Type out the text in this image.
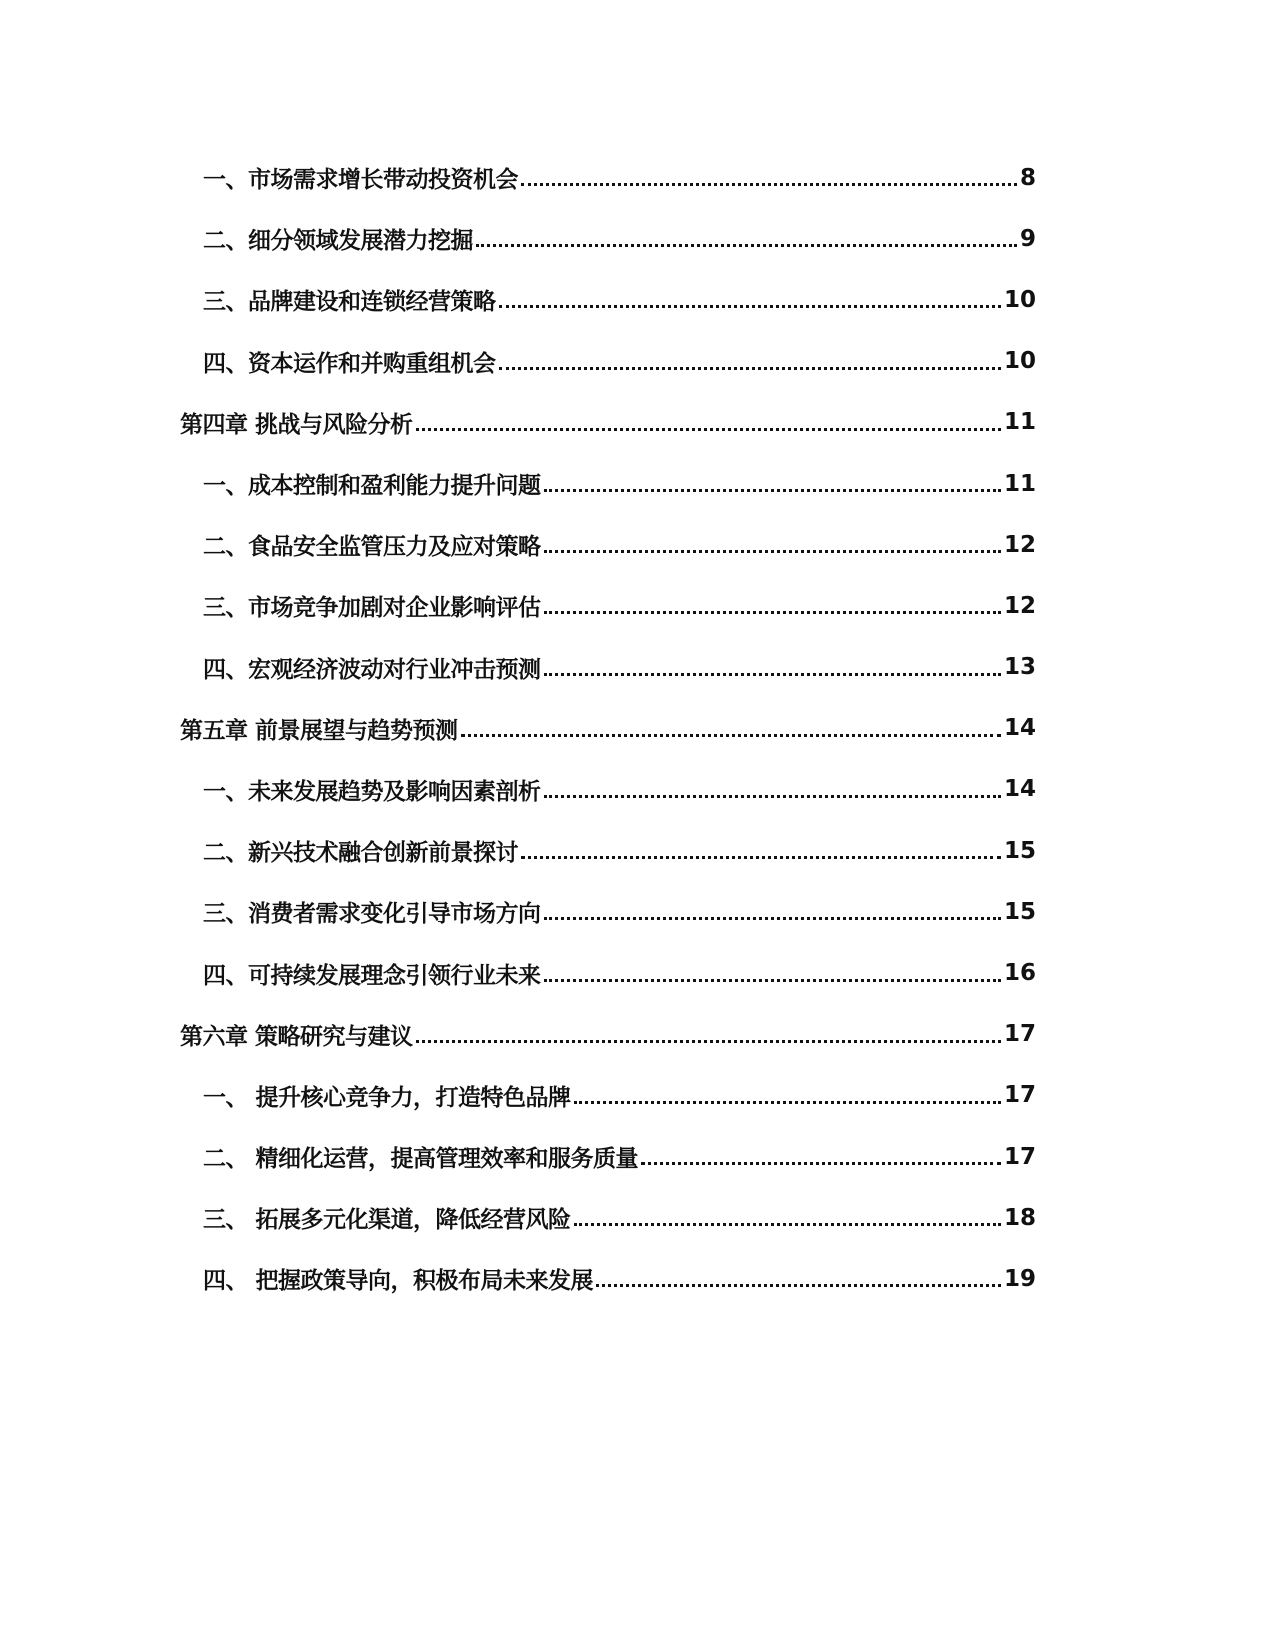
一、市场需求增长带动投资机会	8
二、细分领域发展潜力挖掘	9
三、品牌建设和连锁经营策略	10
四、资本运作和并购重组机会	10
第四章 挑战与风险分析	11
一、成本控制和盈利能力提升问题	11
二、食品安全监管压力及应对策略	12
三、市场竞争加剧对企业影响评估	12
四、宏观经济波动对行业冲击预测	13
第五章 前景展望与趋势预测	14
一、未来发展趋势及影响因素剖析	14
二、新兴技术融合创新前景探讨	15
三、消费者需求变化引导市场方向	15
四、可持续发展理念引领行业未来	16
第六章 策略研究与建议	17
一、 提升核心竞争力，打造特色品牌	17
二、 精细化运营，提高管理效率和服务质量	17
三、 拓展多元化渠道，降低经营风险	18
四、 把握政策导向，积极布局未来发展	19
